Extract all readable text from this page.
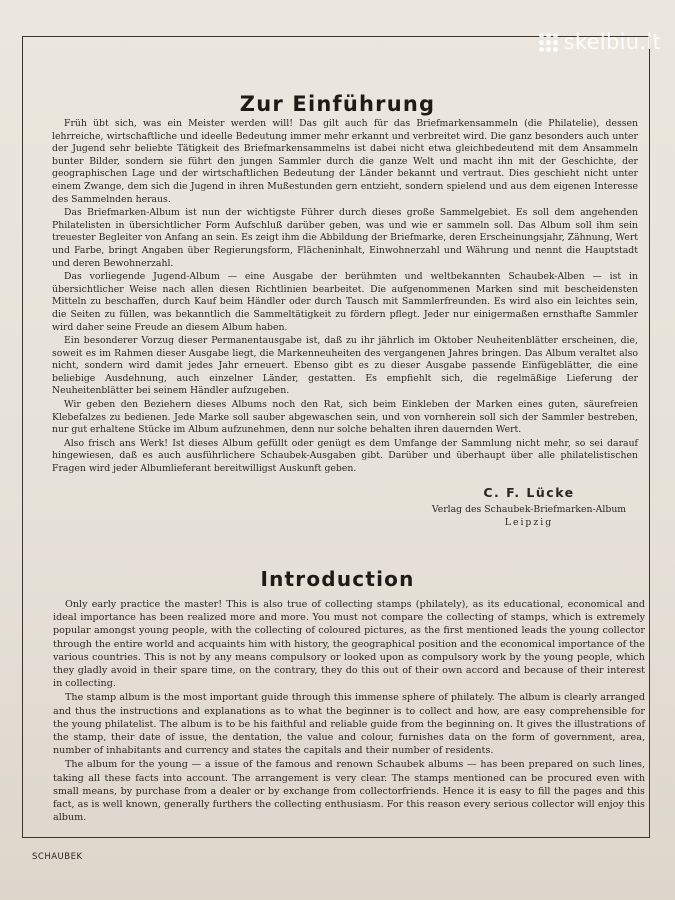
skelbiu.lt
Zur Einführung

Früh übt sich, was ein Meister werden will! Das gilt auch für das Briefmarkensammeln (die Philatelie), dessen lehrreiche, wirtschaftliche und ideelle Bedeutung immer mehr erkannt und verbreitet wird. Die ganz besonders auch unter der Jugend sehr beliebte Tätigkeit des Briefmarkensammelns ist dabei nicht etwa gleichbedeutend mit dem Ansammeln bunter Bilder, sondern sie führt den jungen Sammler durch die ganze Welt und macht ihn mit der Geschichte, der geographischen Lage und der wirtschaftlichen Bedeutung der Länder bekannt und vertraut. Dies geschieht nicht unter einem Zwange, dem sich die Jugend in ihren Mußestunden gern entzieht, sondern spielend und aus dem eigenen Interesse des Sammelnden heraus.

Das Briefmarken-Album ist nun der wichtigste Führer durch dieses große Sammelgebiet. Es soll dem angehenden Philatelisten in übersichtlicher Form Aufschluß darüber geben, was und wie er sammeln soll. Das Album soll ihm sein treuester Begleiter von Anfang an sein. Es zeigt ihm die Abbildung der Briefmarke, deren Erscheinungsjahr, Zähnung, Wert und Farbe, bringt Angaben über Regierungsform, Flächeninhalt, Einwohnerzahl und Währung und nennt die Hauptstadt und deren Bewohnerzahl.

Das vorliegende Jugend-Album — eine Ausgabe der berühmten und weltbekannten Schaubek-Alben — ist in übersichtlicher Weise nach allen diesen Richtlinien bearbeitet. Die aufgenommenen Marken sind mit bescheidensten Mitteln zu beschaffen, durch Kauf beim Händler oder durch Tausch mit Sammlerfreunden. Es wird also ein leichtes sein, die Seiten zu füllen, was bekanntlich die Sammeltätigkeit zu fördern pflegt. Jeder nur einigermaßen ernsthafte Sammler wird daher seine Freude an diesem Album haben.

Ein besonderer Vorzug dieser Permanentausgabe ist, daß zu ihr jährlich im Oktober Neuheitenblätter erscheinen, die, soweit es im Rahmen dieser Ausgabe liegt, die Markenneuheiten des vergangenen Jahres bringen. Das Album veraltet also nicht, sondern wird damit jedes Jahr erneuert. Ebenso gibt es zu dieser Ausgabe passende Einfügeblätter, die eine beliebige Ausdehnung, auch einzelner Länder, gestatten. Es empfiehlt sich, die regelmäßige Lieferung der Neuheitenblätter bei seinem Händler aufzugeben.

Wir geben den Beziehern dieses Albums noch den Rat, sich beim Einkleben der Marken eines guten, säurefreien Klebefalzes zu bedienen. Jede Marke soll sauber abgewaschen sein, und von vornherein soll sich der Sammler bestreben, nur gut erhaltene Stücke im Album aufzunehmen, denn nur solche behalten ihren dauernden Wert.

Also frisch ans Werk! Ist dieses Album gefüllt oder genügt es dem Umfange der Sammlung nicht mehr, so sei darauf hingewiesen, daß es auch ausführlichere Schaubek-Ausgaben gibt. Darüber und überhaupt über alle philatelistischen Fragen wird jeder Albumlieferant bereitwilligst Auskunft geben.

C. F. Lücke
Verlag des Schaubek-Briefmarken-Album
Leipzig
Introduction

Only early practice the master! This is also true of collecting stamps (philately), as its educational, economical and ideal importance has been realized more and more. You must not compare the collecting of stamps, which is extremely popular amongst young people, with the collecting of coloured pictures, as the first mentioned leads the young collector through the entire world and acquaints him with history, the geographical position and the economical importance of the various countries. This is not by any means compulsory or looked upon as compulsory work by the young people, which they gladly avoid in their spare time, on the contrary, they do this out of their own accord and because of their interest in collecting.

The stamp album is the most important guide through this immense sphere of philately. The album is clearly arranged and thus the instructions and explanations as to what the beginner is to collect and how, are easy comprehensible for the young philatelist. The album is to be his faithful and reliable guide from the beginning on. It gives the illustrations of the stamp, their date of issue, the dentation, the value and colour, furnishes data on the form of government, area, number of inhabitants and currency and states the capitals and their number of residents.

The album for the young — a issue of the famous and renown Schaubek albums — has been prepared on such lines, taking all these facts into account. The arrangement is very clear. The stamps mentioned can be procured even with small means, by purchase from a dealer or by exchange from collectorfriends. Hence it is easy to fill the pages and this fact, as is well known, generally furthers the collecting enthusiasm. For this reason every serious collector will enjoy this album.

SCHAUBEK
